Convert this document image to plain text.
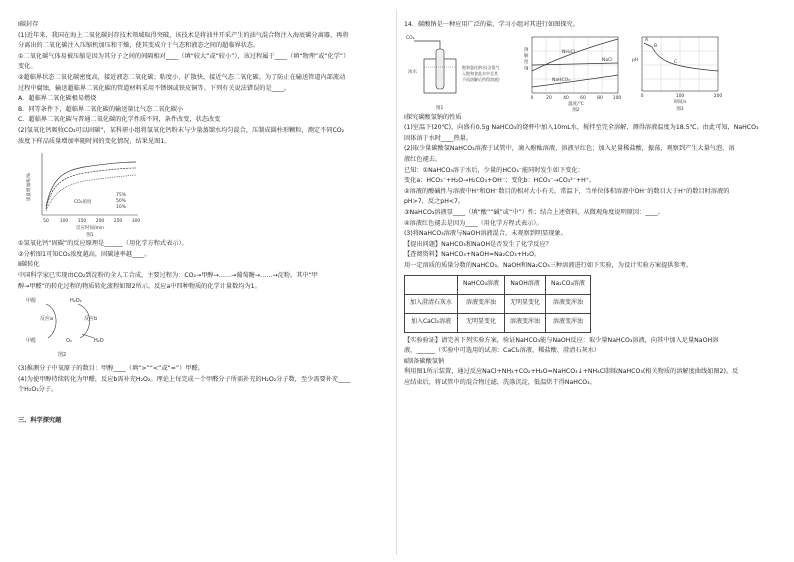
Ⅰ碳封存

(1)近年来，我国在海上二氧化碳封存技术领域取得突破，该技术是将油井开采产生的油气混合物注入海底碳分离器，再将

分离出的二氧化碳注入压缩机加压和干燥，使其变成介于气态和液态之间的超临界状态。

①二氧化碳气体易被压缩是因为其分子之间的间隔相对____（填“较大”或“较小”），该过程属于____（填“物理”或“化学”）

变化。

②超临界状态二氧化碳密度高，接近液态二氧化碳；粘度小、扩散快，接近气态二氧化碳。为了防止在输送管道内部流动

过程中腐蚀，输送超临界二氧化碳的管道材料采用不锈钢或铁皮铜等。下列有关说法错误的是____。

A．超临界二氧化碳极易燃烧

B．同等条件下，超临界二氧化碳的输送量比气态二氧化碳小

C．超临界二氧化碳与普通二氧化碳的化学性质不同，条件改变，状态改变

(2)氢氧化钙吸收CO₂可以固碳”，某科研小组将氢氧化钙粉末与少量蒸馏水均匀混合，压制成圆柱形颗粒，测定不同CO₂

浓度下样品质量增加率随时间的变化情况，结果见图1。

质量增加率/%
CO₂浓度
75%
50%
10%
50 100 150 200 250 300
反应时间/min
图1

①氢氧化钙“固碳”的反应原理是______（用化学方程式表示）。

②分析图1可知CO₂浓度越高，固碳速率越____。

Ⅱ碳转化

中国科学家已实现由CO₂到淀粉的全人工合成，主要过程为：CO₂→甲醇→……→葡萄糖→……→淀粉。其中“甲

醇→甲醛”的转化过程的物质转化流程如图2所示。反应a中四种物质的化学计量数均为1。

甲醇	H₂O₂
反应a	反应b
甲醛	O₂	H₂O
图2

(3)推测分子中氧原子的数目：甲醇____（填“>”“<”或“=”）甲醛。

(4)为使甲醇持续转化为甲醛，反应b需补充H₂O₂。理论上每完成一个甲醛分子所需补充的H₂O₂分子数，至少需要补充____

个H₂O₂分子。

三、科学探究题

14．碳酸钠是一种应用广泛的盐，学习小组对其进行如图探究。

CO₂
冰水
饱和氯化钠水(含氨气
入饱和食盐水中至其
不再溶解后所得溶液)
图1
溶
解
度
/g
NH₄Cl
NaCl
NaHCO₃
0	20	40	60	80 100
温度/℃
图2
pH
A
B
C
0	100	200
时间/s
图3

Ⅰ探究碳酸氢钠的性质

(1)室温下(20℃)，向盛有0.5g NaHCO₃的烧杯中加入10mL水，搅拌至完全溶解，测得溶液温度为18.5℃。由此可知，NaHCO₃

固体溶于水时____热量。

(2)取少量碳酸氢NaHCO₃溶液于试管中，滴入酚酞溶液，溶液呈红色；加入足量稀盐酸，振荡，观察到产生大量气泡，溶

液红色褪去。

已知：①NaHCO₃溶于水后，少量的HCO₃⁻能同时发生如下变化：

变化a：HCO₃⁻+H₂O→H₂CO₃+OH⁻；变化b：HCO₃⁻→CO₃²⁻+H⁺。

②溶液的酸碱性与溶液中H⁺和OH⁻数目的相对大小有关。常温下，当单位体积溶液中OH⁻的数目大于H⁺的数目时溶液的

pH>7，反之pH<7。

③NaHCO₃溶液显____（填“酸”“碱”或“中”）性；结合上述资料，从微观角度说明原因：____。

④溶液红色褪去是因为____（用化学方程式表示）。

(3)将NaHCO₃溶液与NaOH溶液混合，未观察到明显现象。

【提出问题】NaHCO₃和NaOH是否发生了化学反应？

【查阅资料】NaHCO₃+NaOH=Na₂CO₃+H₂O。

用一定溶质的质量分数的NaHCO₃、NaOH和Na₂CO₃三种溶液进行如下实验，为设计实验方案提供参考。

	NaHCO₃溶液	NaOH溶液	Na₂CO₃溶液
加入澄清石灰水	溶液变浑浊	无明显变化	溶液变浑浊
加入CaCl₂溶液	无明显变化	溶液变浑浊	溶液变浑浊

【实验验证】请完善下列实验方案，验证NaHCO₃能与NaOH反应：取少量NaHCO₃溶液，向其中加入足量NaOH溶

液，______（实验中可选用的试剂：CaCl₂溶液、稀盐酸、澄清石灰水）

Ⅱ制备碳酸氢钠

利用图1所示装置，通过反应NaCl+NH₃+CO₂+H₂O=NaHCO₃↓+NH₄Cl制取NaHCO₃(相关物质的溶解度曲线如图2)。反

应结束后，将试管中的混合物过滤，洗涤沉淀，低温烘干得NaHCO₃。
